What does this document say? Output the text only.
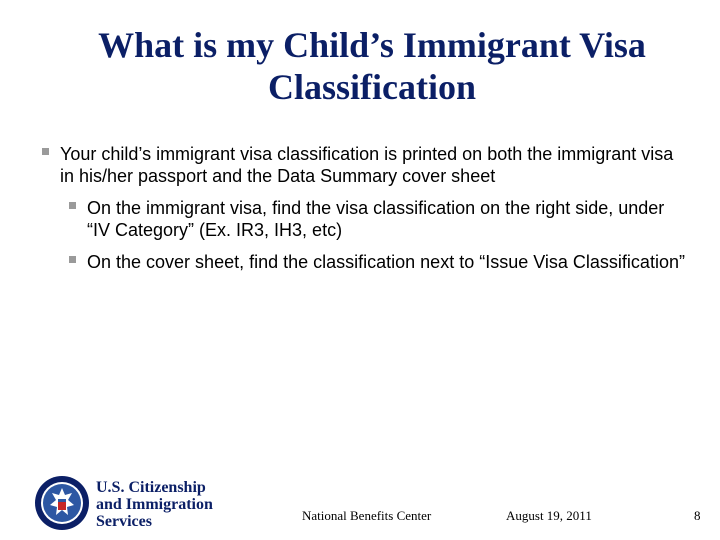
What is my Child’s Immigrant Visa
Classification
Your child’s immigrant visa classification is printed on both the immigrant visa in his/her passport and the Data Summary cover sheet
On the immigrant visa, find the visa classification on the right side, under “IV Category” (Ex. IR3, IH3, etc)
On the cover sheet, find the classification next to “Issue Visa Classification”
U.S. Citizenship
and Immigration
Services	National Benefits Center	August 19, 2011	8
